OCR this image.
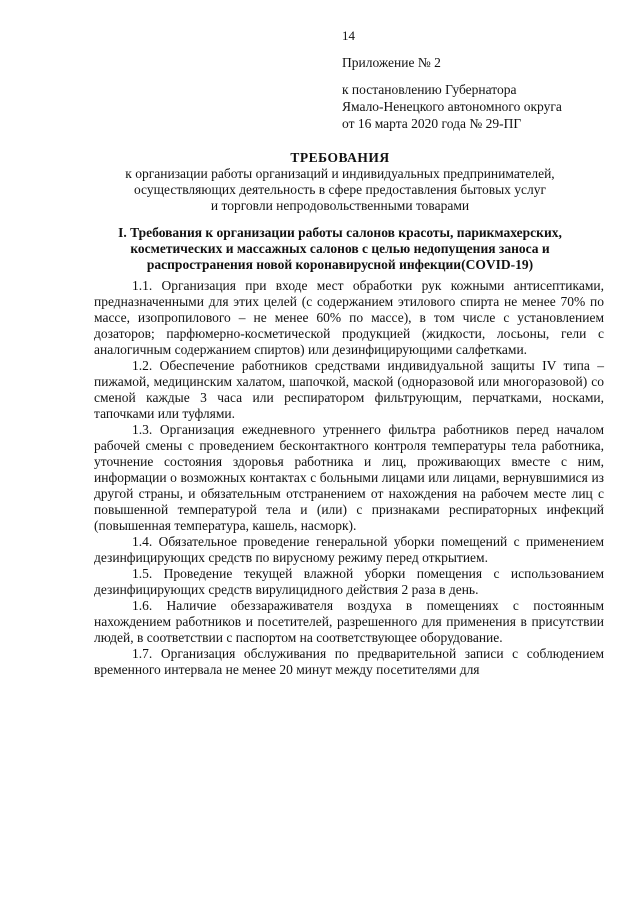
14
Приложение № 2
к постановлению Губернатора
Ямало-Ненецкого автономного округа
от 16 марта 2020 года № 29-ПГ
ТРЕБОВАНИЯ
к организации работы организаций и индивидуальных предпринимателей,
осуществляющих деятельность в сфере предоставления бытовых услуг
и торговли непродовольственными товарами
I. Требования к организации работы салонов красоты, парикмахерских,
косметических и массажных салонов с целью недопущения заноса и
распространения новой коронавирусной инфекции(COVID-19)

1.1. Организация при входе мест обработки рук кожными антисептиками, предназначенными для этих целей (с содержанием этилового спирта не менее 70% по массе, изопропилового – не менее 60% по массе), в том числе с установлением дозаторов; парфюмерно-косметической продукцией (жидкости, лосьоны, гели с аналогичным содержанием спиртов) или дезинфицирующими салфетками.

1.2. Обеспечение работников средствами индивидуальной защиты IV типа – пижамой, медицинским халатом, шапочкой, маской (одноразовой или многоразовой) со сменой каждые 3 часа или респиратором фильтрующим, перчатками, носками, тапочками или туфлями.

1.3. Организация ежедневного утреннего фильтра работников перед началом рабочей смены с проведением бесконтактного контроля температуры тела работника, уточнение состояния здоровья работника и лиц, проживающих вместе с ним, информации о возможных контактах с больными лицами или лицами, вернувшимися из другой страны, и обязательным отстранением от нахождения на рабочем месте лиц с повышенной температурой тела и (или) с признаками респираторных инфекций (повышенная температура, кашель, насморк).

1.4. Обязательное проведение генеральной уборки помещений с применением дезинфицирующих средств по вирусному режиму перед открытием.

1.5. Проведение текущей влажной уборки помещения с использованием дезинфицирующих средств вирулицидного действия 2 раза в день.

1.6. Наличие обеззараживателя воздуха в помещениях с постоянным нахождением работников и посетителей, разрешенного для применения в присутствии людей, в соответствии с паспортом на соответствующее оборудование.

1.7. Организация обслуживания по предварительной записи с соблюдением временного интервала не менее 20 минут между посетителями для
